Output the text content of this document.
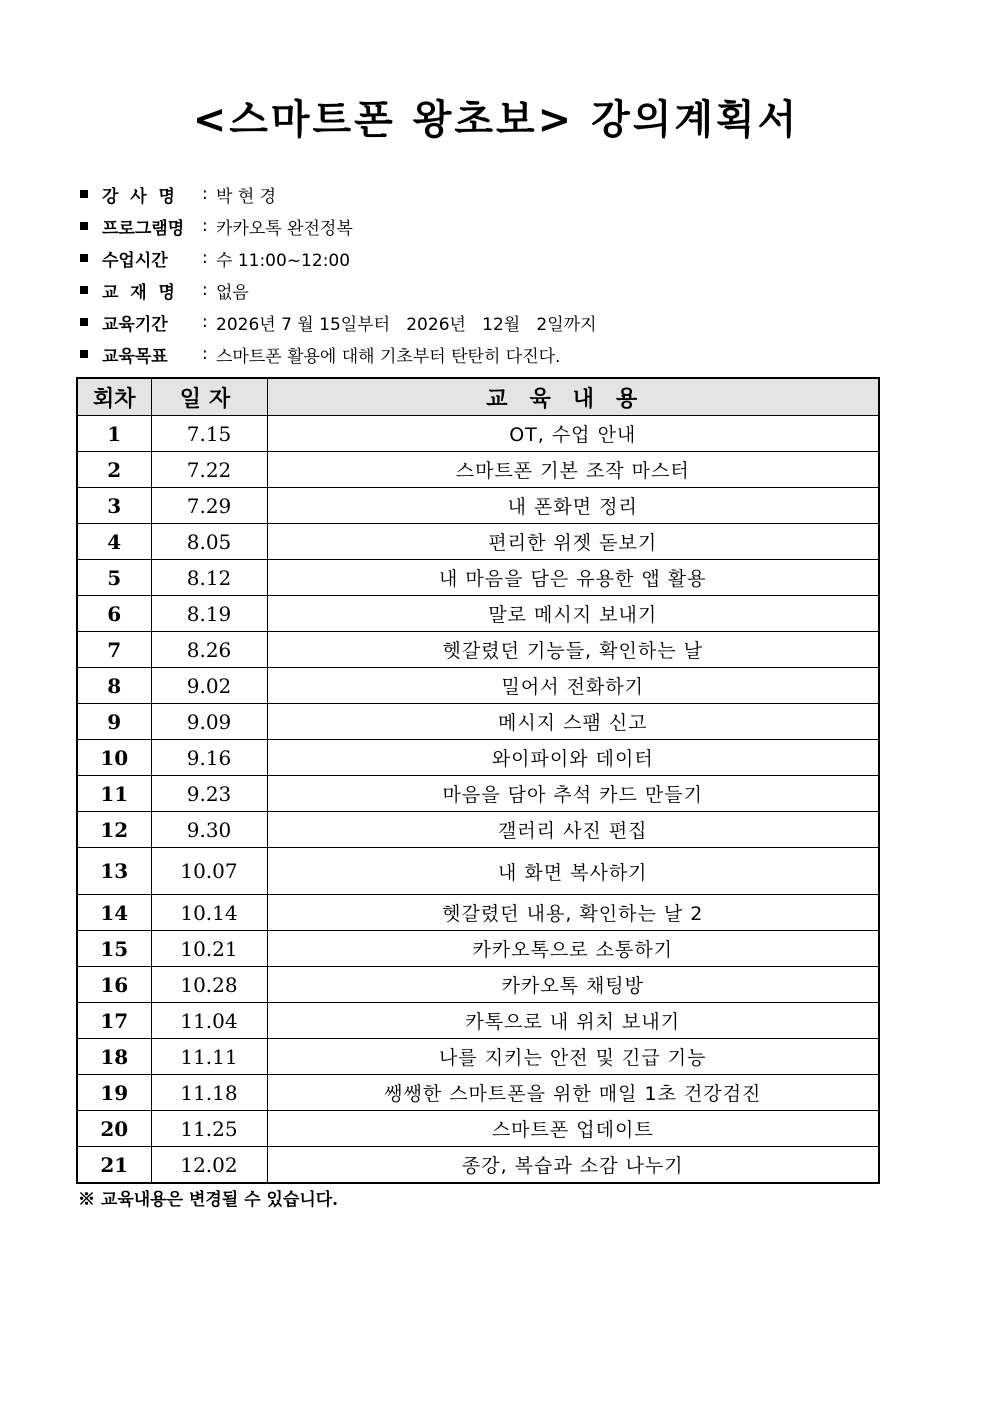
<스마트폰 왕초보> 강의계획서
강  사  명	: 박 현 경
프로그램명	: 카카오톡 완전정복
수업시간	: 수 11:00~12:00
교  재  명	: 없음
교육기간	: 2026년 7 월 15일부터   2026년   12월   2일까지
교육목표	: 스마트폰 활용에 대해 기초부터 탄탄히 다진다.
회차	일자	교육내용
1	7.15	OT, 수업 안내
2	7.22	스마트폰 기본 조작 마스터
3	7.29	내 폰화면 정리
4	8.05	편리한 위젯 돋보기
5	8.12	내 마음을 담은 유용한 앱 활용
6	8.19	말로 메시지 보내기
7	8.26	헷갈렸던 기능들, 확인하는 날
8	9.02	밀어서 전화하기
9	9.09	메시지 스팸 신고
10	9.16	와이파이와 데이터
11	9.23	마음을 담아 추석 카드 만들기
12	9.30	갤러리 사진 편집
13	10.07	내 화면 복사하기
14	10.14	헷갈렸던 내용, 확인하는 날 2
15	10.21	카카오톡으로 소통하기
16	10.28	카카오톡 채팅방
17	11.04	카톡으로 내 위치 보내기
18	11.11	나를 지키는 안전 및 긴급 기능
19	11.18	쌩쌩한 스마트폰을 위한 매일 1초 건강검진
20	11.25	스마트폰 업데이트
21	12.02	종강, 복습과 소감 나누기
※ 교육내용은 변경될 수 있습니다.
